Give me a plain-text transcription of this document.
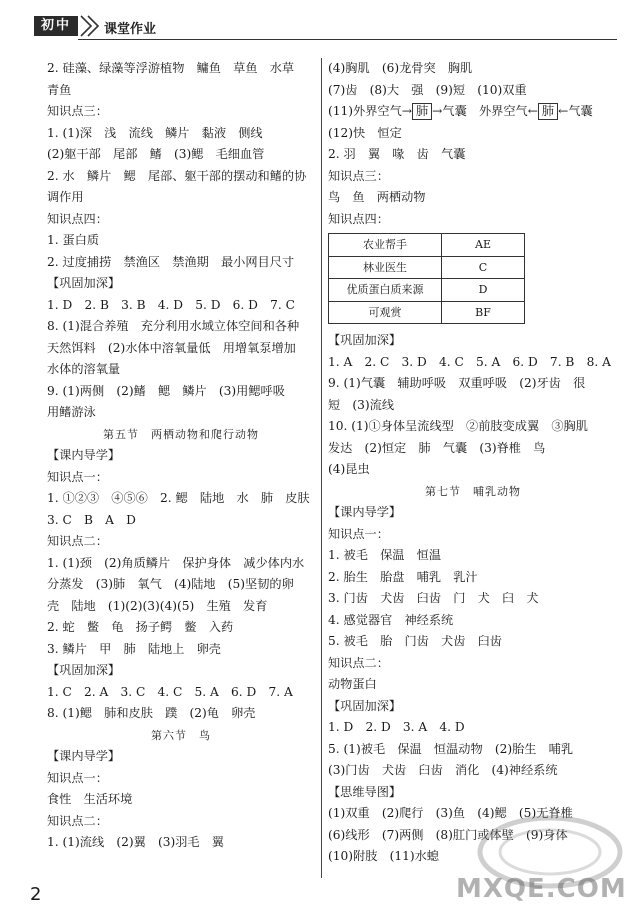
初中	课堂作业
2. 硅藻、绿藻等浮游植物　鳙鱼　草鱼　水草
青鱼
知识点三：
1. (1)深　浅　流线　鳞片　黏液　侧线
(2)躯干部　尾部　鳍　(3)鳃　毛细血管
2. 水　鳞片　鳃　尾部、躯干部的摆动和鳍的协
调作用
知识点四：
1. 蛋白质
2. 过度捕捞　禁渔区　禁渔期　最小网目尺寸
【巩固加深】
1. D　2. B　3. B　4. D　5. D　6. D　7. C
8. (1)混合养殖　充分利用水域立体空间和各种
天然饵料　(2)水体中溶氧量低　用增氧泵增加
水体的溶氧量
9. (1)两侧　(2)鳍　鳃　鳞片　(3)用鳃呼吸
用鳍游泳
第五节　两栖动物和爬行动物
【课内导学】
知识点一：
1. ①②③　④⑤⑥　2. 鳃　陆地　水　肺　皮肤
3. C　B　A　D
知识点二：
1. (1)颈　(2)角质鳞片　保护身体　减少体内水
分蒸发　(3)肺　氧气　(4)陆地　(5)坚韧的卵
壳　陆地　(1)(2)(3)(4)(5)　生殖　发育
2. 蛇　鳖　龟　扬子鳄　鳖　入药
3. 鳞片　甲　肺　陆地上　卵壳
【巩固加深】
1. C　2. A　3. C　4. C　5. A　6. D　7. A
8. (1)鳃　肺和皮肤　蹼　(2)龟　卵壳
第六节　鸟
【课内导学】
知识点一：
食性　生活环境
知识点二：
1. (1)流线　(2)翼　(3)羽毛　翼
(4)胸肌　(6)龙骨突　胸肌
(7)齿　(8)大　强　(9)短　(10)双重
(11)外界空气→ 肺 →气囊　外界空气← 肺 ←气囊
(12)快　恒定
2. 羽　翼　喙　齿　气囊
知识点三：
鸟　鱼　两栖动物
知识点四：
农业帮手	AE
林业医生	C
优质蛋白质来源	D
可观赏	BF
【巩固加深】
1. A　2. C　3. D　4. C　5. A　6. D　7. B　8. A
9. (1)气囊　辅助呼吸　双重呼吸　(2)牙齿　很
短　(3)流线
10. (1)①身体呈流线型　②前肢变成翼　③胸肌
发达　(2)恒定　肺　气囊　(3)脊椎　鸟
(4)昆虫
第七节　哺乳动物
【课内导学】
知识点一：
1. 被毛　保温　恒温
2. 胎生　胎盘　哺乳　乳汁
3. 门齿　犬齿　臼齿　门　犬　臼　犬
4. 感觉器官　神经系统
5. 被毛　胎　门齿　犬齿　臼齿
知识点二：
动物蛋白
【巩固加深】
1. D　2. D　3. A　4. D
5. (1)被毛　保温　恒温动物　(2)胎生　哺乳
(3)门齿　犬齿　臼齿　消化　(4)神经系统
【思维导图】
(1)双重　(2)爬行　(3)鱼　(4)鳃　(5)无脊椎
(6)线形　(7)两侧　(8)肛门或体壁　(9)身体
(10)附肢　(11)水螅
2	MXQE.COM
